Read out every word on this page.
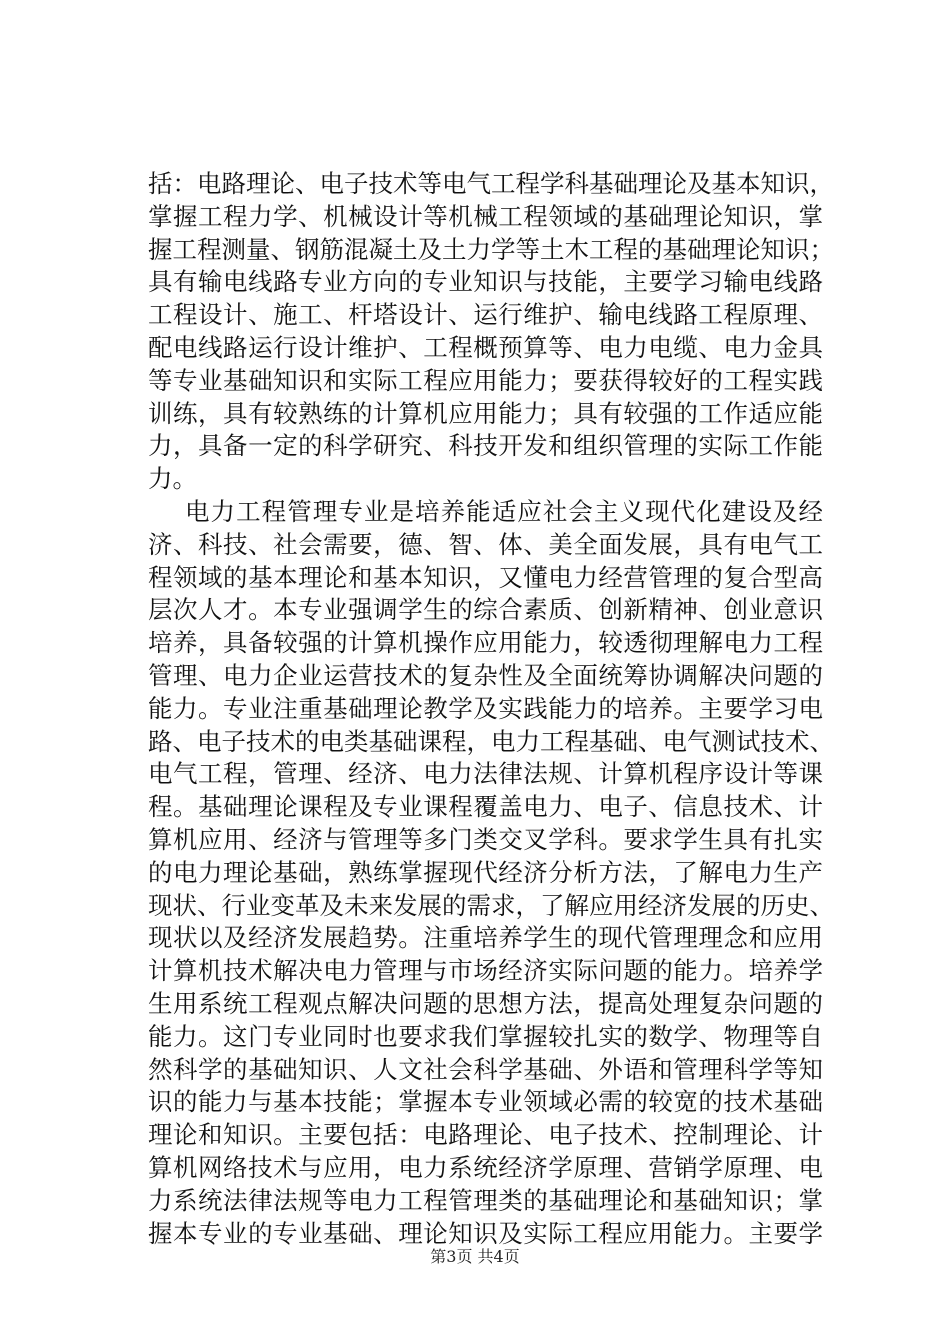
括：电路理论、电子技术等电气工程学科基础理论及基本知识，
掌握工程力学、机械设计等机械工程领域的基础理论知识，掌
握工程测量、钢筋混凝土及土力学等土木工程的基础理论知识；
具有输电线路专业方向的专业知识与技能，主要学习输电线路
工程设计、施工、杆塔设计、运行维护、输电线路工程原理、
配电线路运行设计维护、工程概预算等、电力电缆、电力金具
等专业基础知识和实际工程应用能力；要获得较好的工程实践
训练，具有较熟练的计算机应用能力；具有较强的工作适应能
力，具备一定的科学研究、科技开发和组织管理的实际工作能
力。
电力工程管理专业是培养能适应社会主义现代化建设及经
济、科技、社会需要，德、智、体、美全面发展，具有电气工
程领域的基本理论和基本知识，又懂电力经营管理的复合型高
层次人才。本专业强调学生的综合素质、创新精神、创业意识
培养，具备较强的计算机操作应用能力，较透彻理解电力工程
管理、电力企业运营技术的复杂性及全面统筹协调解决问题的
能力。专业注重基础理论教学及实践能力的培养。主要学习电
路、电子技术的电类基础课程，电力工程基础、电气测试技术、
电气工程，管理、经济、电力法律法规、计算机程序设计等课
程。基础理论课程及专业课程覆盖电力、电子、信息技术、计
算机应用、经济与管理等多门类交叉学科。要求学生具有扎实
的电力理论基础，熟练掌握现代经济分析方法，了解电力生产
现状、行业变革及未来发展的需求，了解应用经济发展的历史、
现状以及经济发展趋势。注重培养学生的现代管理理念和应用
计算机技术解决电力管理与市场经济实际问题的能力。培养学
生用系统工程观点解决问题的思想方法，提高处理复杂问题的
能力。这门专业同时也要求我们掌握较扎实的数学、物理等自
然科学的基础知识、人文社会科学基础、外语和管理科学等知
识的能力与基本技能；掌握本专业领域必需的较宽的技术基础
理论和知识。主要包括：电路理论、电子技术、控制理论、计
算机网络技术与应用，电力系统经济学原理、营销学原理、电
力系统法律法规等电力工程管理类的基础理论和基础知识；掌
握本专业的专业基础、理论知识及实际工程应用能力。主要学
第3页 共4页
